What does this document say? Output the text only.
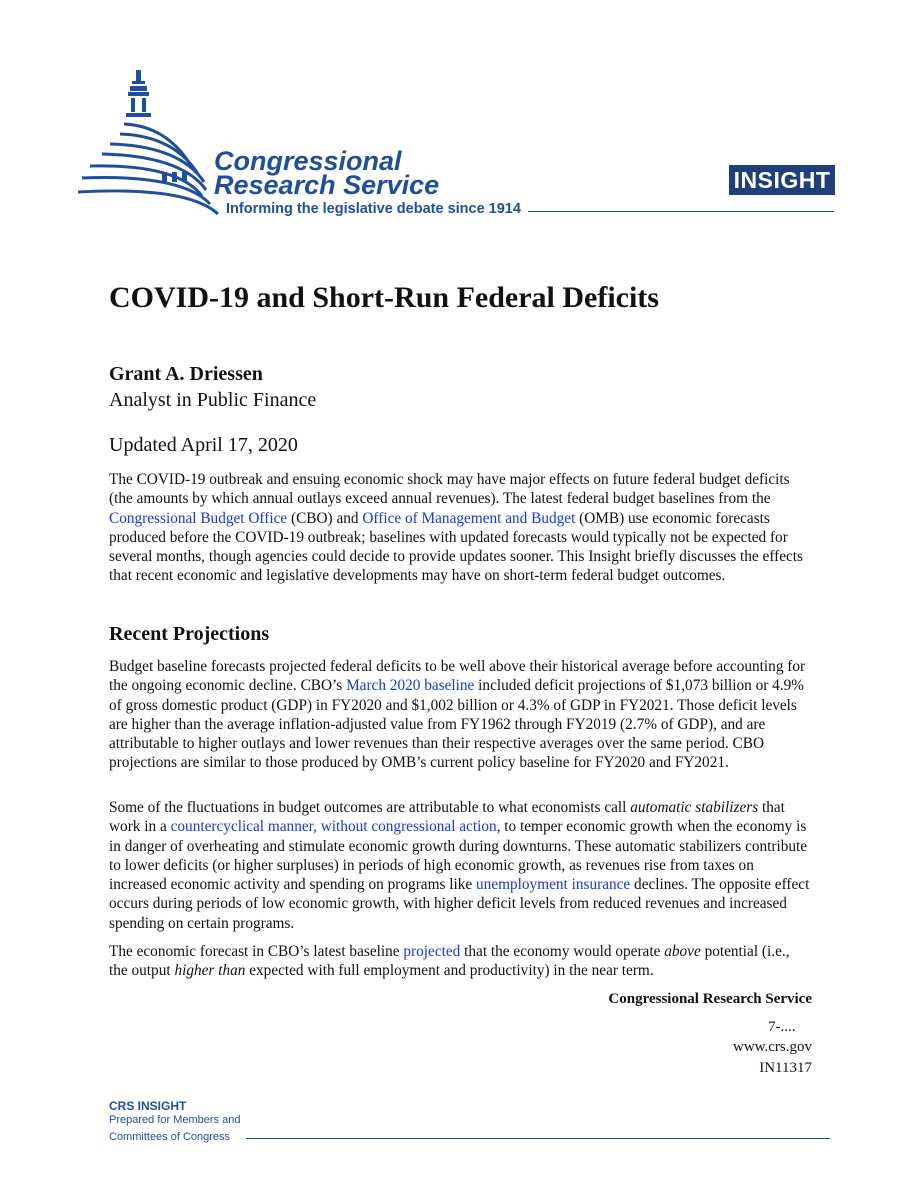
Congressional
Research Service
Informing the legislative debate since 1914
INSIGHT
COVID-19 and Short-Run Federal Deficits
Grant A. Driessen
Analyst in Public Finance
Updated April 17, 2020

The COVID-19 outbreak and ensuing economic shock may have major effects on future federal budget deficits (the amounts by which annual outlays exceed annual revenues). The latest federal budget baselines from the Congressional Budget Office (CBO) and Office of Management and Budget (OMB) use economic forecasts produced before the COVID-19 outbreak; baselines with updated forecasts would typically not be expected for several months, though agencies could decide to provide updates sooner. This Insight briefly discusses the effects that recent economic and legislative developments may have on short-term federal budget outcomes.

Recent Projections

Budget baseline forecasts projected federal deficits to be well above their historical average before accounting for the ongoing economic decline. CBO’s March 2020 baseline included deficit projections of $1,073 billion or 4.9% of gross domestic product (GDP) in FY2020 and $1,002 billion or 4.3% of GDP in FY2021. Those deficit levels are higher than the average inflation-adjusted value from FY1962 through FY2019 (2.7% of GDP), and are attributable to higher outlays and lower revenues than their respective averages over the same period. CBO projections are similar to those produced by OMB’s current policy baseline for FY2020 and FY2021.

Some of the fluctuations in budget outcomes are attributable to what economists call automatic stabilizers that work in a countercyclical manner, without congressional action, to temper economic growth when the economy is in danger of overheating and stimulate economic growth during downturns. These automatic stabilizers contribute to lower deficits (or higher surpluses) in periods of high economic growth, as revenues rise from taxes on increased economic activity and spending on programs like unemployment insurance declines. The opposite effect occurs during periods of low economic growth, with higher deficit levels from reduced revenues and increased spending on certain programs.

The economic forecast in CBO’s latest baseline projected that the economy would operate above potential (i.e., the output higher than expected with full employment and productivity) in the near term.

Congressional Research Service
7-....
www.crs.gov
IN11317
CRS INSIGHT
Prepared for Members and
Committees of Congress
